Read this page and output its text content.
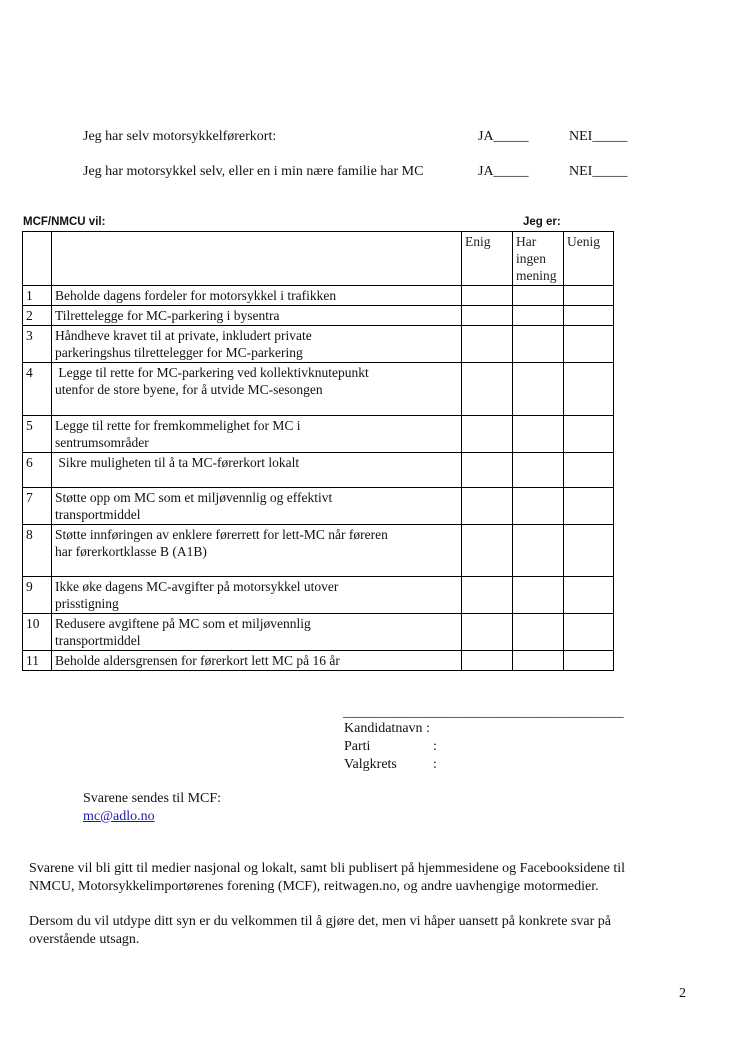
Jeg har selv motorsykkelførerkort:	JA_____	NEI_____
Jeg har motorsykkel selv, eller en i min nære familie har MC	JA_____	NEI_____
MCF/NMCU vil:	Jeg er:
		Enig	Har
ingen
mening	Uenig
1	Beholde dagens fordeler for motorsykkel i trafikken			

2	Tilrettelegge for MC-parkering i bysentra			

3	Håndheve kravet til at private, inkludert private
parkeringshus tilrettelegger for MC-parkering			

4	Legge til rette for MC-parkering ved kollektivknutepunkt
utenfor de store byene, for å utvide MC-sesongen			

5	Legge til rette for fremkommelighet for MC i
sentrumsområder			

6	Sikre muligheten til å ta MC-førerkort lokalt			

7	Støtte opp om MC som et miljøvennlig og effektivt
transportmiddel			

8	Støtte innføringen av enklere førerrett for lett-MC når føreren
har førerkortklasse B (A1B)			

9	Ikke øke dagens MC-avgifter på motorsykkel utover
prisstigning			

10	Redusere avgiftene på MC som et miljøvennlig
transportmiddel			

11	Beholde aldersgrensen for førerkort lett MC på 16 år			

_______________________________________
Kandidatnavn :
Parti	:
Valgkrets	:
Svarene sendes til MCF:
mc@adlo.no
Svarene vil bli gitt til medier nasjonal og lokalt, samt bli publisert på hjemmesidene og Facebooksidene til
NMCU, Motorsykkelimportørenes forening (MCF), reitwagen.no, og andre uavhengige motormedier.
Dersom du vil utdype ditt syn er du velkommen til å gjøre det, men vi håper uansett på konkrete svar på
overstående utsagn.
2
